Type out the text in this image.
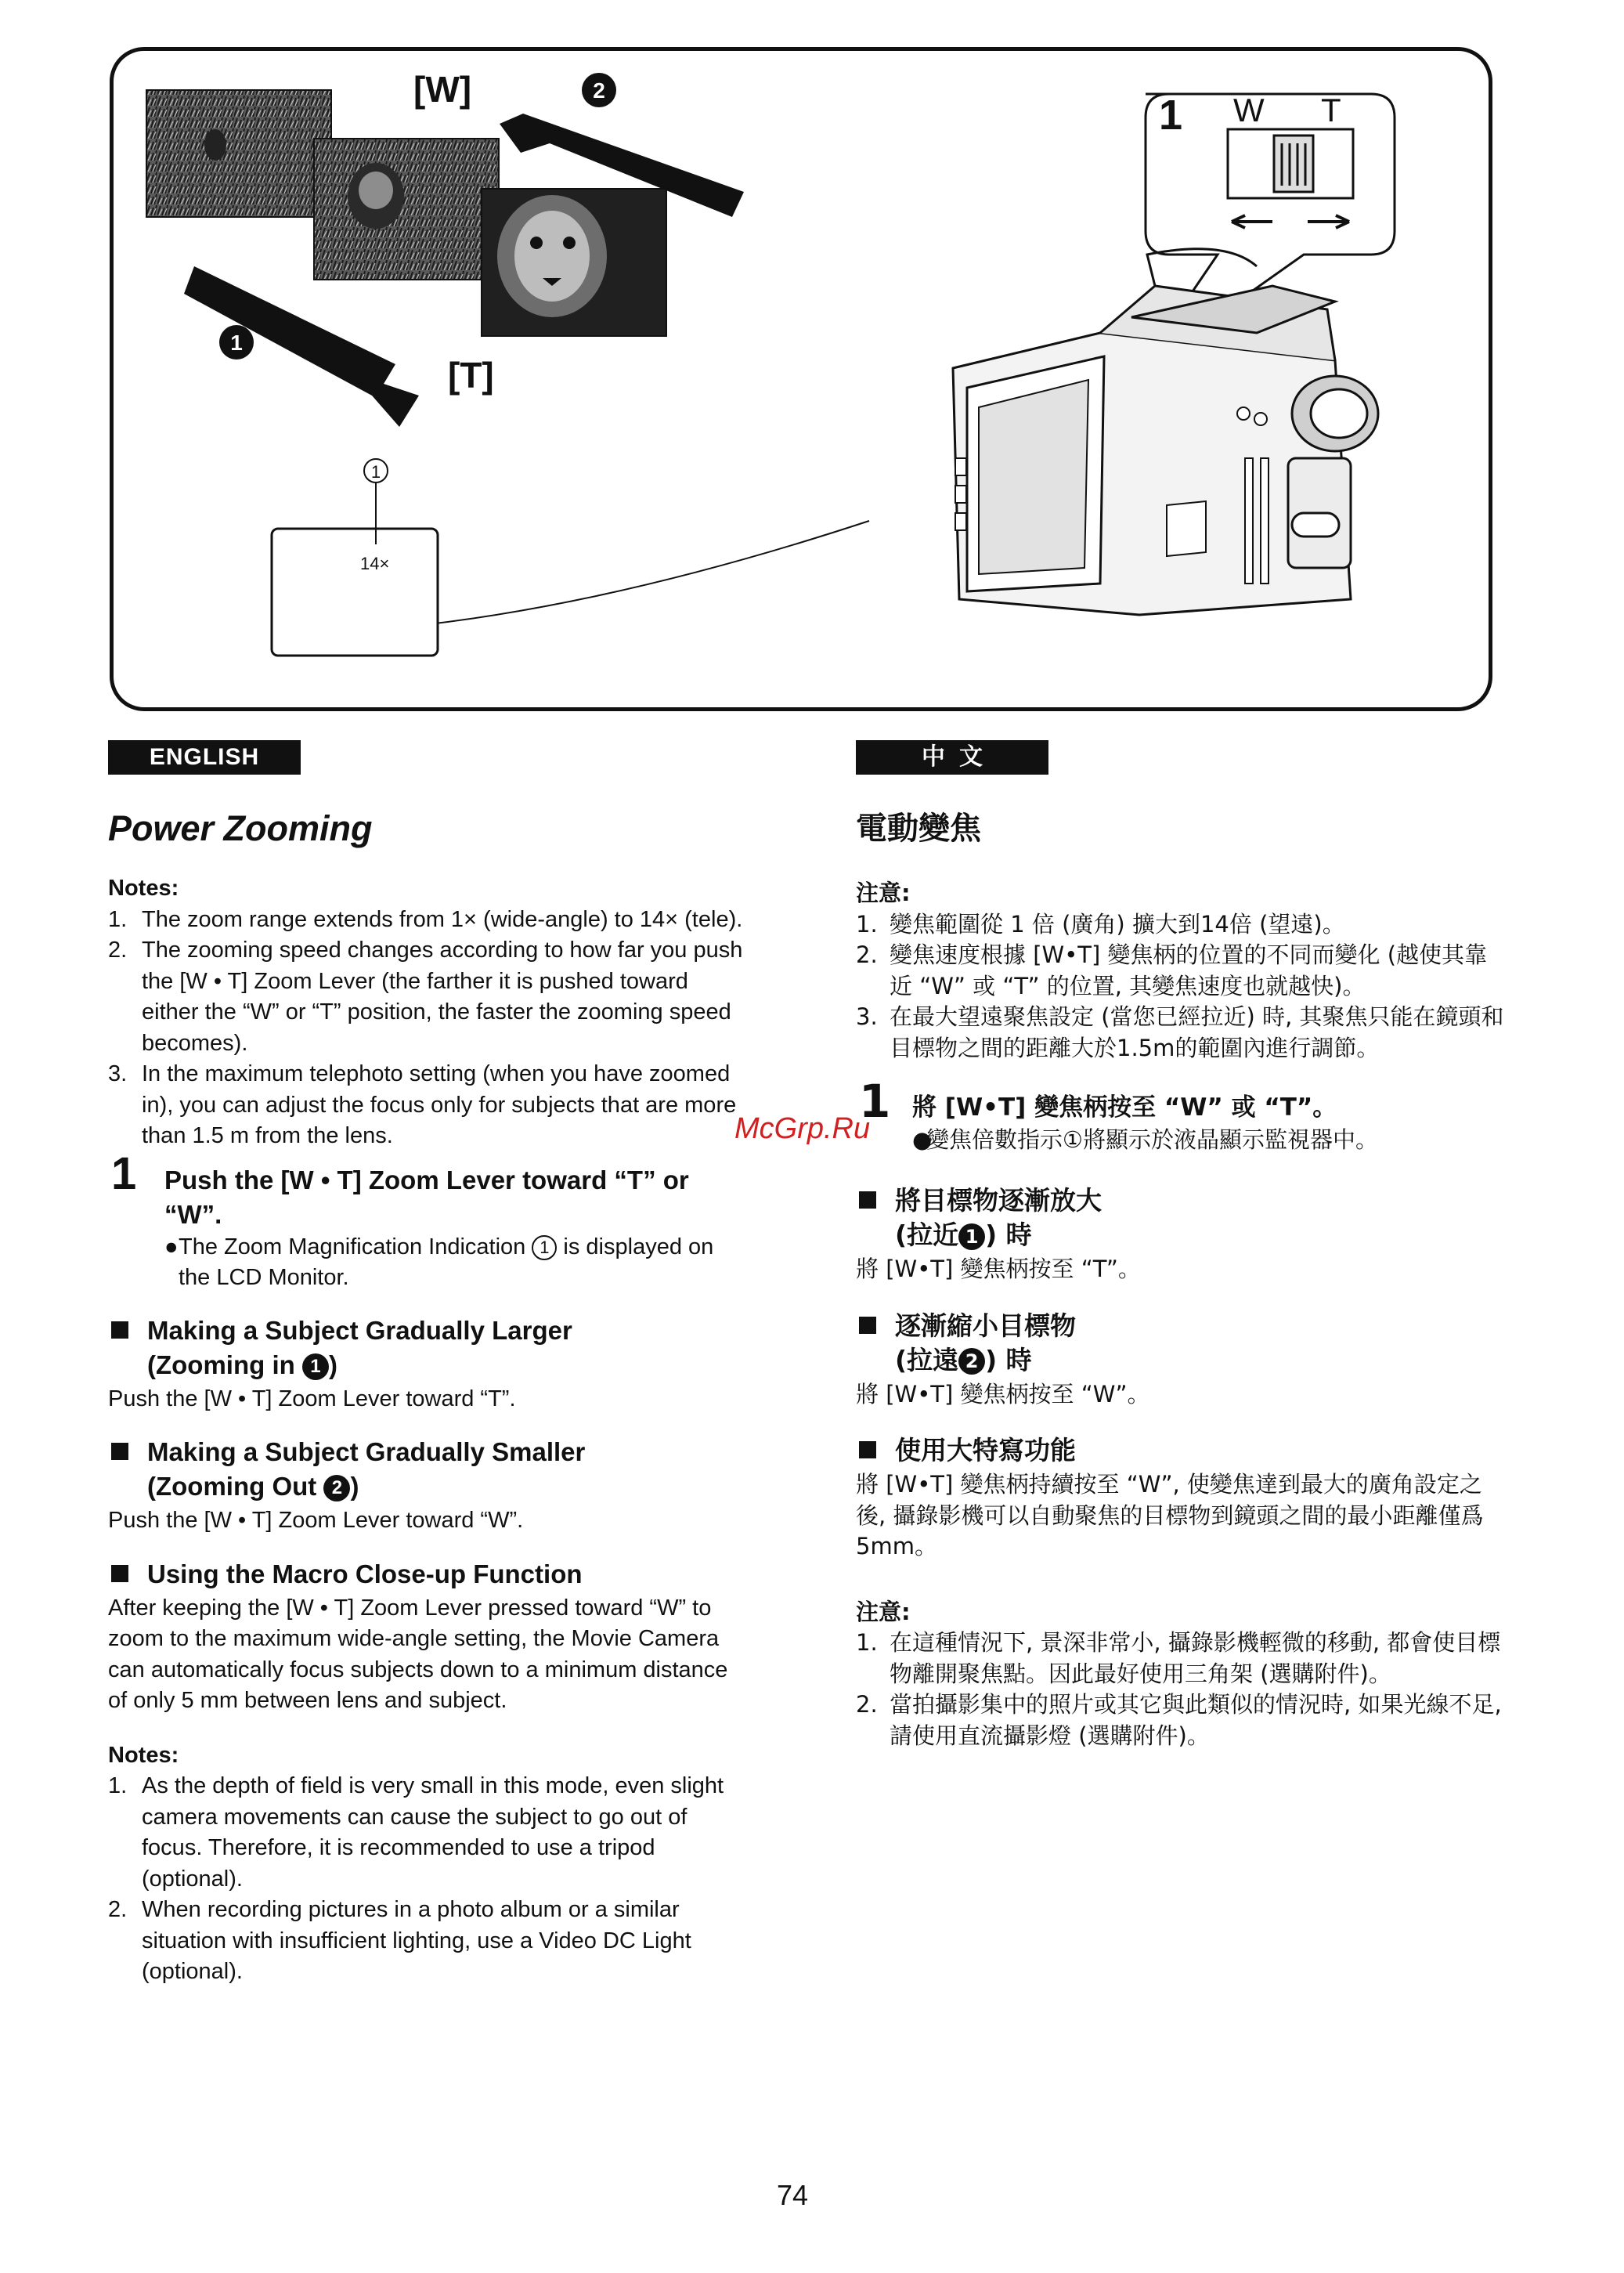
[W]
[T]
2
1
1 W T
1
14×
ENGLISH
Power Zooming
Notes:
1. The zoom range extends from 1× (wide-angle) to 14× (tele).
2. The zooming speed changes according to how far you push the [W • T] Zoom Lever (the farther it is pushed toward either the “W” or “T” position, the faster the zooming speed becomes).
3. In the maximum telephoto setting (when you have zoomed in), you can adjust the focus only for subjects that are more than 1.5 m from the lens.
1 Push the [W • T] Zoom Lever toward “T” or “W”.
● The Zoom Magnification Indication 1 is displayed on the LCD Monitor.
Making a Subject Gradually Larger
(Zooming in 1 )
Push the [W • T] Zoom Lever toward “T”.
Making a Subject Gradually Smaller
(Zooming Out 2 )
Push the [W • T] Zoom Lever toward “W”.
Using the Macro Close-up Function
After keeping the [W • T] Zoom Lever pressed toward “W” to zoom to the maximum wide-angle setting, the Movie Camera can automatically focus subjects down to a minimum distance of only 5 mm between lens and subject.
Notes:
1. As the depth of field is very small in this mode, even slight camera movements can cause the subject to go out of focus. Therefore, it is recommended to use a tripod (optional).
2. When recording pictures in a photo album or a similar situation with insufficient lighting, use a Video DC Light (optional).
中文
電動變焦
注意:
1. 變焦範圍從 1 倍 (廣角) 擴大到14倍 (望遠)。
2. 變焦速度根據 [W•T] 變焦柄的位置的不同而變化 (越使其靠近 “W” 或 “T” 的位置, 其變焦速度也就越快)。
3. 在最大望遠聚焦設定 (當您已經拉近) 時, 其聚焦只能在鏡頭和目標物之間的距離大於1.5m的範圍內進行調節。
1 將 [W•T] 變焦柄按至 “W” 或 “T”。
●
變焦倍數指示①將顯示於液晶顯示監視器中。
將目標物逐漸放大
(拉近 1 ) 時
將 [W•T] 變焦柄按至 “T”。
逐漸縮小目標物
(拉遠 2 ) 時
將 [W•T] 變焦柄按至 “W”。
使用大特寫功能
將 [W•T] 變焦柄持續按至 “W”, 使變焦達到最大的廣角設定之後, 攝錄影機可以自動聚焦的目標物到鏡頭之間的最小距離僅爲5mm。
注意:
1. 在這種情況下, 景深非常小, 攝錄影機輕微的移動, 都會使目標物離開聚焦點。因此最好使用三角架 (選購附件)。
2. 當拍攝影集中的照片或其它與此類似的情況時, 如果光線不足, 請使用直流攝影燈 (選購附件)。
McGrp.Ru
74
